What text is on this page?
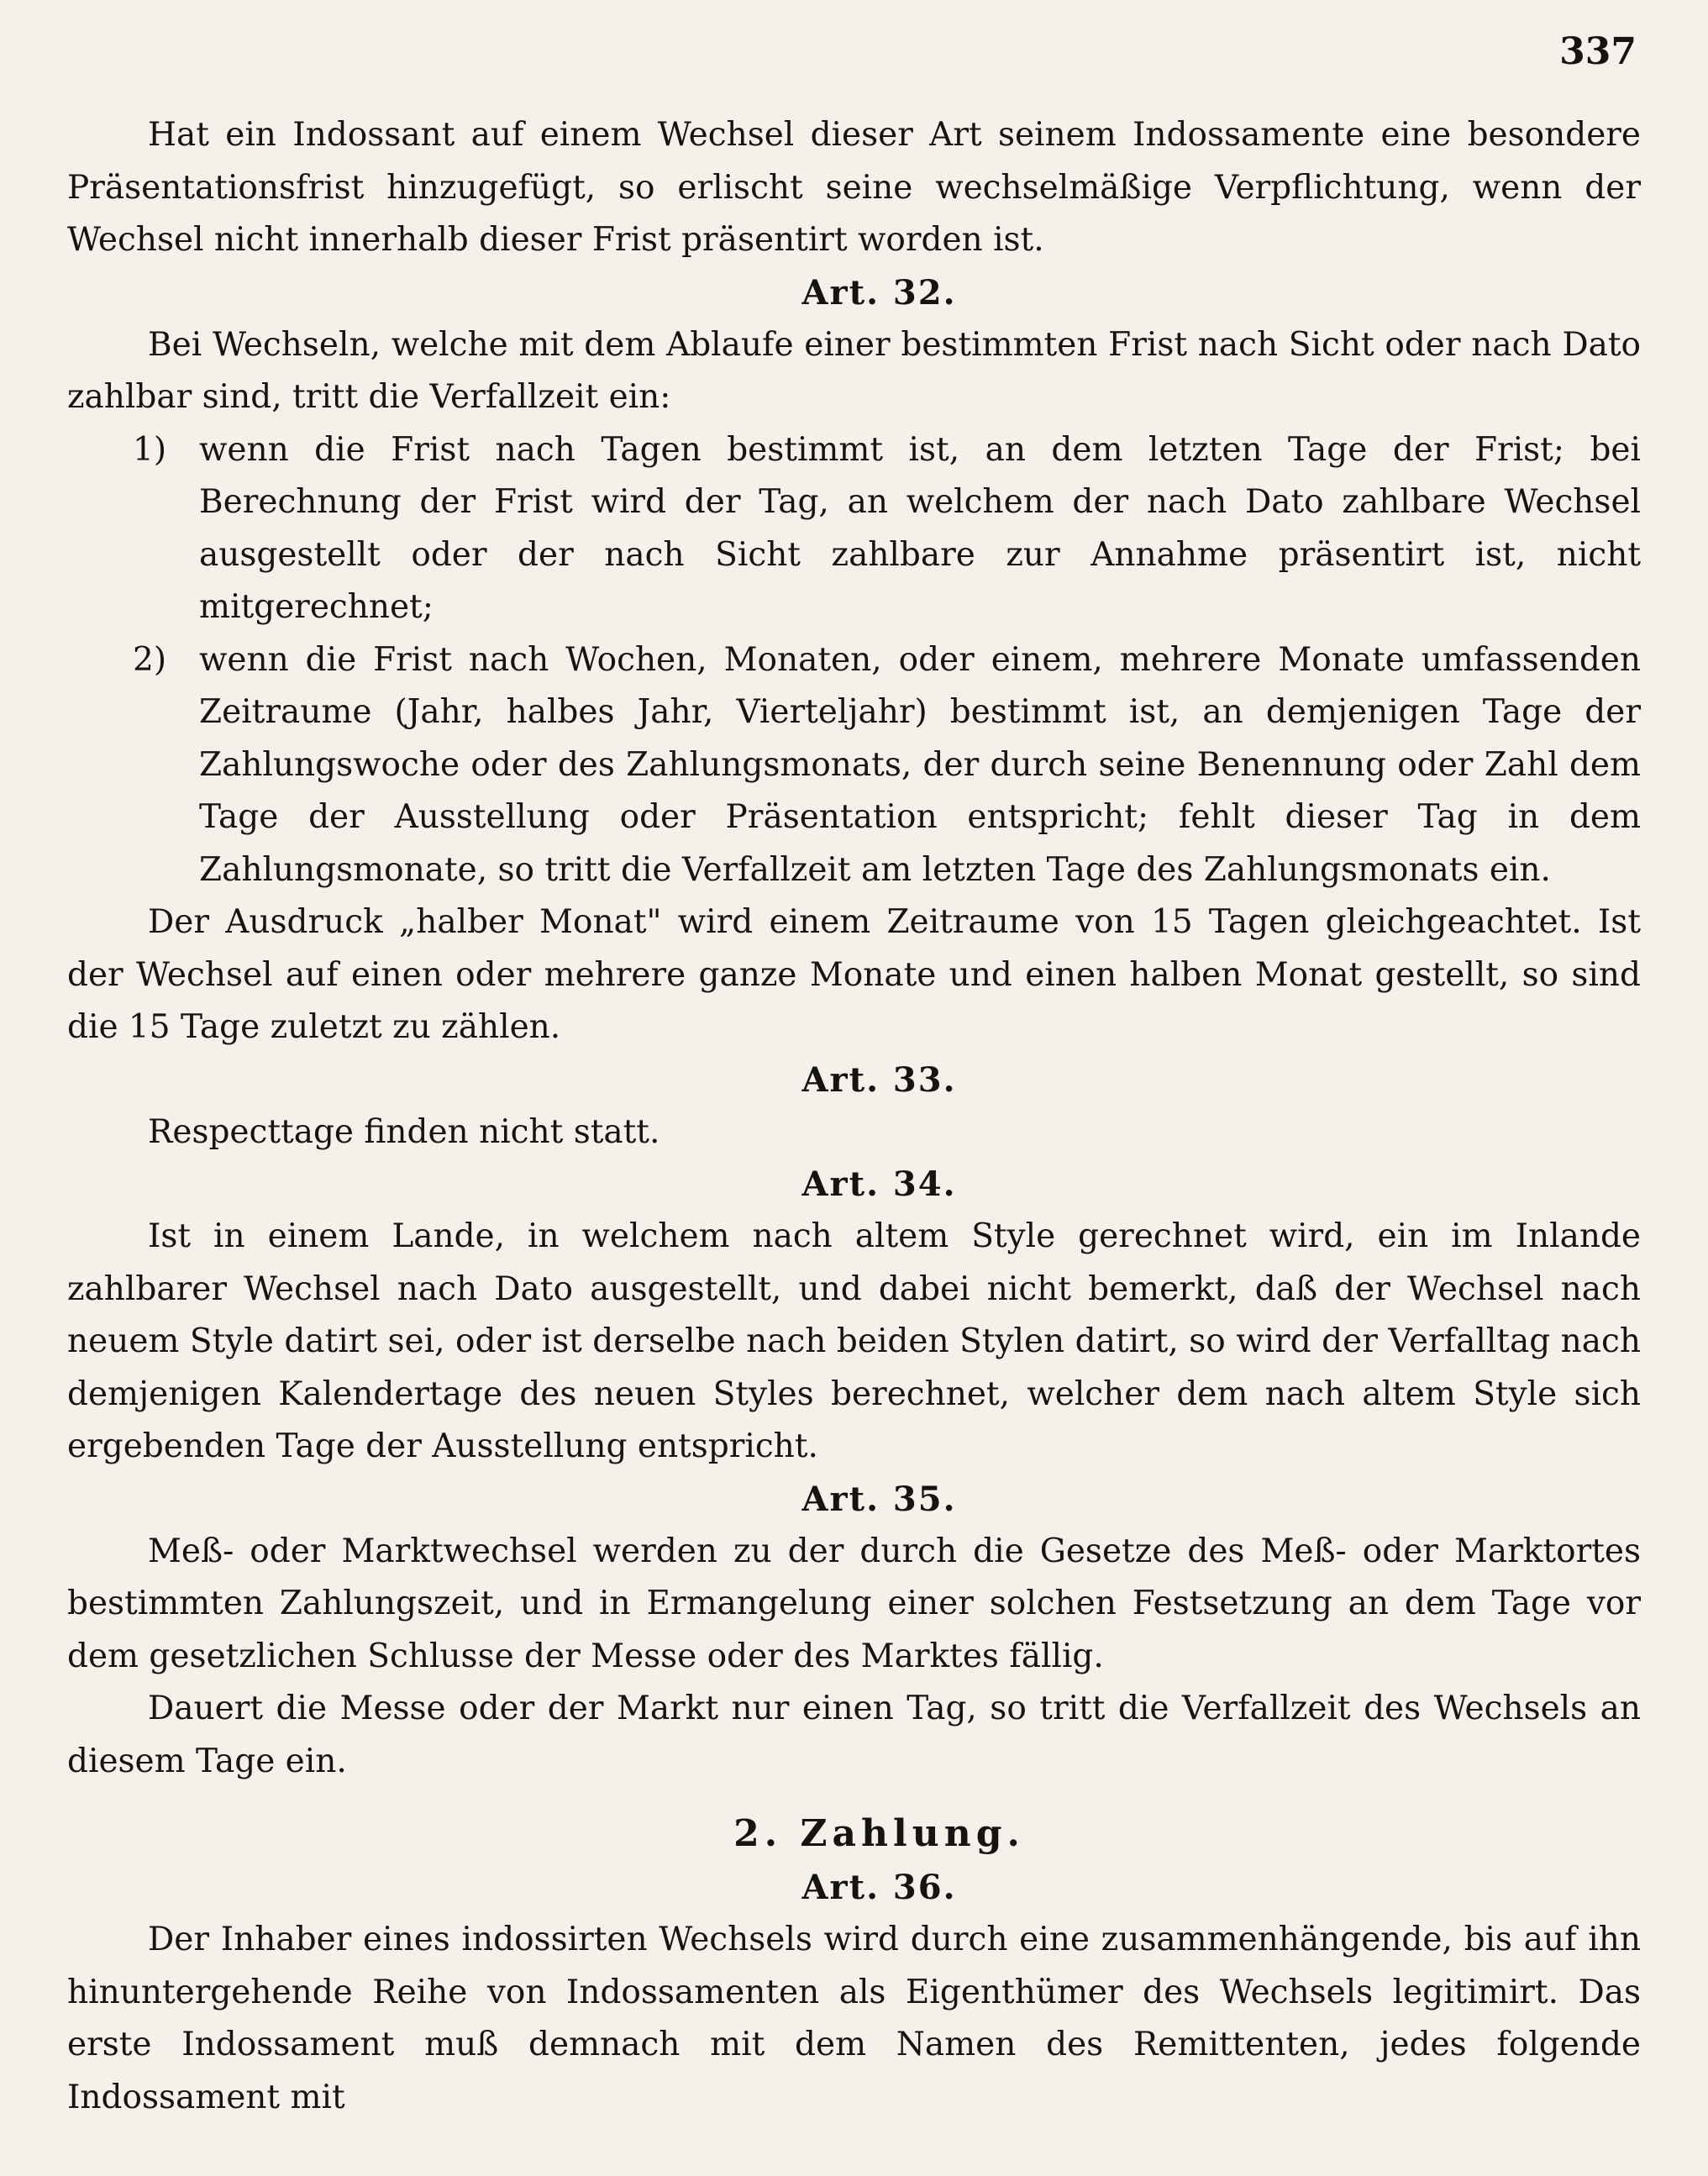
337

Hat ein Indossant auf einem Wechsel dieser Art seinem Indossamente eine besondere Präsentationsfrist hinzugefügt, so erlischt seine wechselmäßige Verpflichtung, wenn der Wechsel nicht innerhalb dieser Frist präsentirt worden ist.

Art. 32.

Bei Wechseln, welche mit dem Ablaufe einer bestimmten Frist nach Sicht oder nach Dato zahlbar sind, tritt die Verfallzeit ein:

1) wenn die Frist nach Tagen bestimmt ist, an dem letzten Tage der Frist; bei Berechnung der Frist wird der Tag, an welchem der nach Dato zahlbare Wechsel ausgestellt oder der nach Sicht zahlbare zur Annahme präsentirt ist, nicht mitgerechnet;
2) wenn die Frist nach Wochen, Monaten, oder einem, mehrere Monate umfassenden Zeitraume (Jahr, halbes Jahr, Vierteljahr) bestimmt ist, an demjenigen Tage der Zahlungswoche oder des Zahlungsmonats, der durch seine Benennung oder Zahl dem Tage der Ausstellung oder Präsentation entspricht; fehlt dieser Tag in dem Zahlungsmonate, so tritt die Verfallzeit am letzten Tage des Zahlungsmonats ein.

Der Ausdruck „halber Monat" wird einem Zeitraume von 15 Tagen gleichgeachtet. Ist der Wechsel auf einen oder mehrere ganze Monate und einen halben Monat gestellt, so sind die 15 Tage zuletzt zu zählen.

Art. 33.

Respecttage finden nicht statt.

Art. 34.

Ist in einem Lande, in welchem nach altem Style gerechnet wird, ein im Inlande zahlbarer Wechsel nach Dato ausgestellt, und dabei nicht bemerkt, daß der Wechsel nach neuem Style datirt sei, oder ist derselbe nach beiden Stylen datirt, so wird der Verfalltag nach demjenigen Kalendertage des neuen Styles berechnet, welcher dem nach altem Style sich ergebenden Tage der Ausstellung entspricht.

Art. 35.

Meß- oder Marktwechsel werden zu der durch die Gesetze des Meß- oder Marktortes bestimmten Zahlungszeit, und in Ermangelung einer solchen Festsetzung an dem Tage vor dem gesetzlichen Schlusse der Messe oder des Marktes fällig.

Dauert die Messe oder der Markt nur einen Tag, so tritt die Verfallzeit des Wechsels an diesem Tage ein.

2. Zahlung.
Art. 36.

Der Inhaber eines indossirten Wechsels wird durch eine zusammenhängende, bis auf ihn hinuntergehende Reihe von Indossamenten als Eigenthümer des Wechsels legitimirt. Das erste Indossament muß demnach mit dem Namen des Remittenten, jedes folgende Indossament mit
